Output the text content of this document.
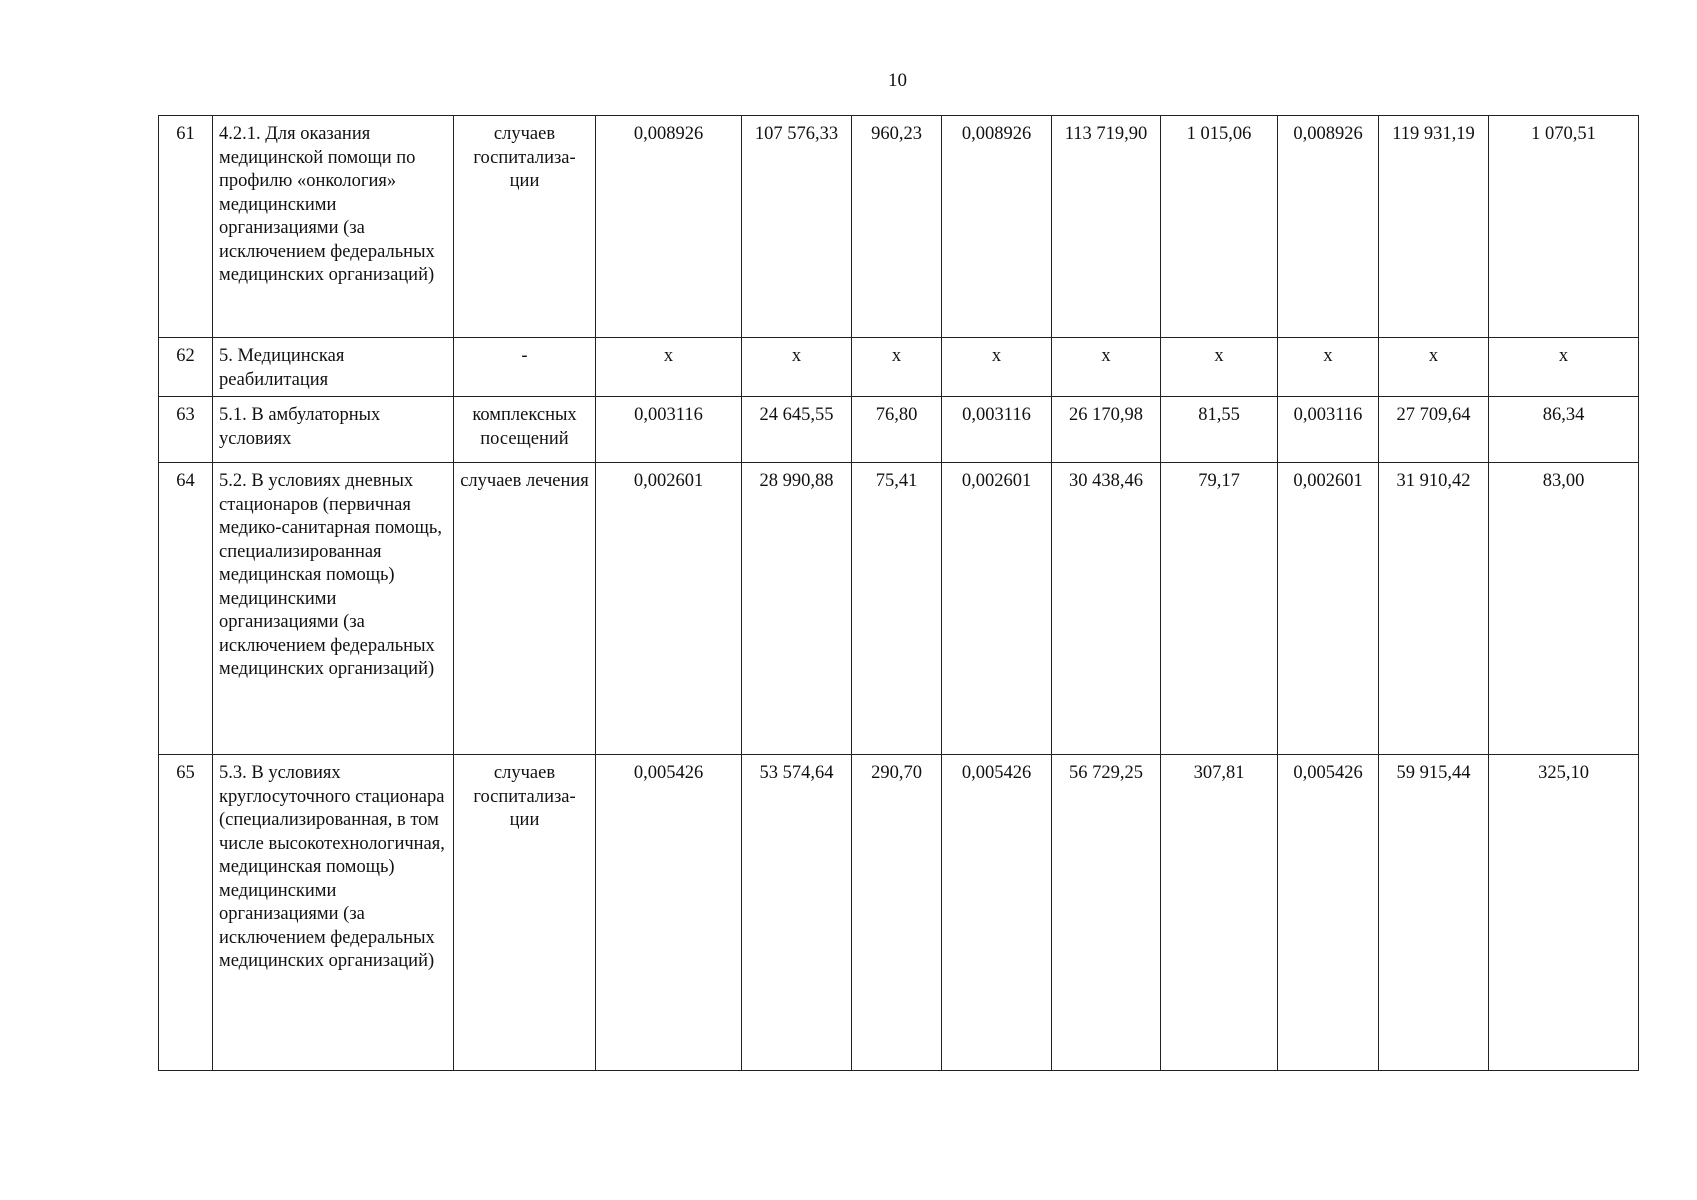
10
61	4.2.1. Для оказания медицинской помощи по профилю «онкология» медицинскими организациями (за исключением федеральных медицинских организаций)	случаев госпитализа-ции	0,008926	107 576,33	960,23	0,008926	113 719,90	1 015,06	0,008926	119 931,19	1 070,51
62	5. Медицинская реабилитация	-	х	х	х	х	х	х	х	х	х
63	5.1. В амбулаторных условиях	комплексных посещений	0,003116	24 645,55	76,80	0,003116	26 170,98	81,55	0,003116	27 709,64	86,34
64	5.2. В условиях дневных стационаров (первичная медико-санитарная помощь, специализированная медицинская помощь) медицинскими организациями (за исключением федеральных медицинских организаций)	случаев лечения	0,002601	28 990,88	75,41	0,002601	30 438,46	79,17	0,002601	31 910,42	83,00
65	5.3. В условиях круглосуточного стационара (специализированная, в том числе высокотехнологичная, медицинская помощь) медицинскими организациями (за исключением федеральных медицинских организаций)	случаев госпитализа-ции	0,005426	53 574,64	290,70	0,005426	56 729,25	307,81	0,005426	59 915,44	325,10
